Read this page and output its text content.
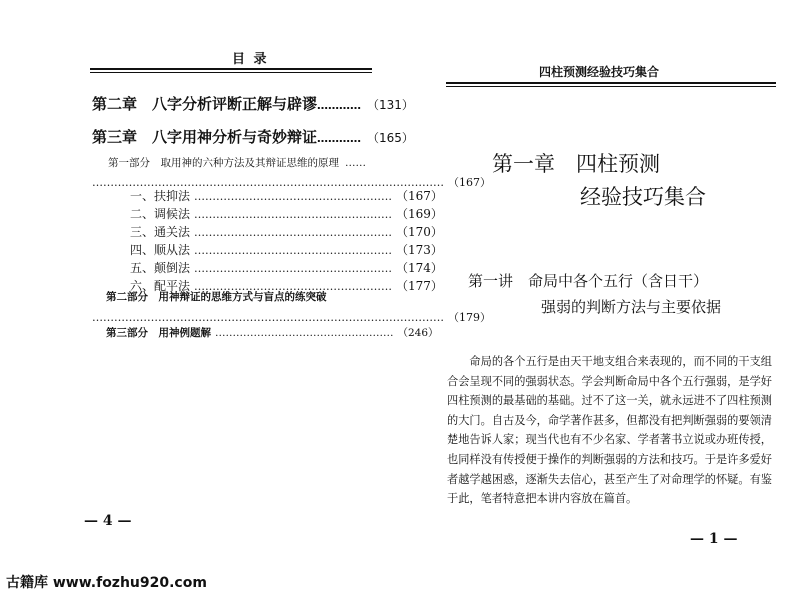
目 录
第二章　八字分析评断正解与辟谬………… （131）
第三章　八字用神分析与奇妙辩证………… （165）
第一部分　取用神的六种方法及其辩证思维的原理 ……
…………………………………………………………………………………… （167）
一、扶抑法 ……………………………………………… （167）
二、调候法 ……………………………………………… （169）
三、通关法 ……………………………………………… （170）
四、顺从法 ……………………………………………… （173）
五、颠倒法 ……………………………………………… （174）
六、配平法 ……………………………………………… （177）
第二部分　用神辩证的思维方式与盲点的练突破
…………………………………………………………………………………… （179）
第三部分　用神例题解 …………………………………………… （246）
— 4 —
四柱预测经验技巧集合
第一章　四柱预测
经验技巧集合
第一讲　命局中各个五行（含日干）
强弱的判断方法与主要依据
　　命局的各个五行是由天干地支组合来表现的，而不同的干支组合会呈现不同的强弱状态。学会判断命局中各个五行强弱，是学好四柱预测的最基础的基础。过不了这一关，就永远进不了四柱预测的大门。自古及今，命学著作甚多，但都没有把判断强弱的要领清楚地告诉人家；现当代也有不少名家、学者著书立说或办班传授，也同样没有传授便于操作的判断强弱的方法和技巧。于是许多爱好者越学越困惑，逐渐失去信心，甚至产生了对命理学的怀疑。有鉴于此，笔者特意把本讲内容放在篇首。
— 1 —
古籍库 www.fozhu920.com
